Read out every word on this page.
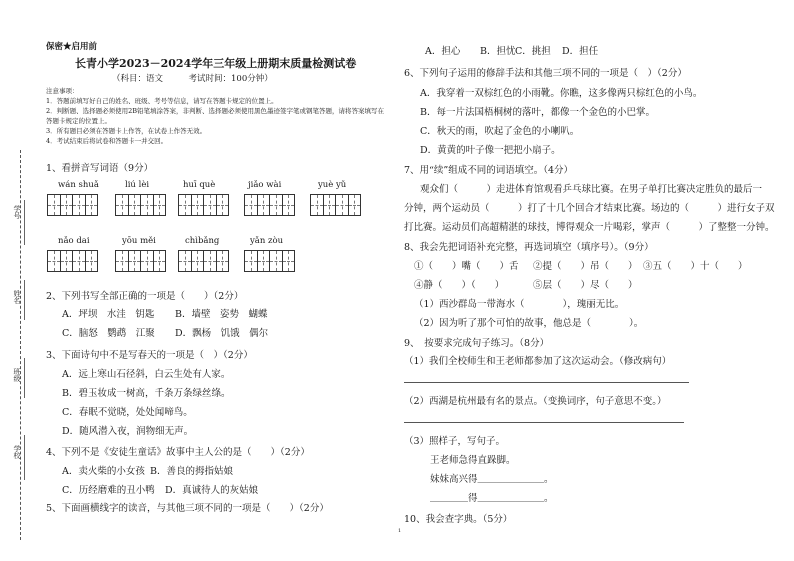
学号
姓名
班级
学校
保密★启用前
长青小学2023－2024学年三年级上册期末质量检测试卷
（科目：语文　　　考试时间：100分钟）
注意事项：
1．答题前填写好自己的姓名、班级、考号等信息，请写在答题卡规定的位置上。
2．判断题、选择题必须使用2B铅笔填涂答案，非判断、选择题必须使用黑色墨迹签字笔或钢笔答题，请将答案填写在答题卡规定的位置上。
3．所有题目必须在答题卡上作答，在试卷上作答无效。
4．考试结束后将试卷和答题卡一并交回。
1、看拼音写词语（9分）
wán shuǎ	liú lèi	huī què	jiǎo wài	yuè yǔ
nǎo dai	yōu měi	chìbǎng	yǎn zòu
2、下列书写全部正确的一项是（　　）（2分）
A．坪坝　水洼　钥匙 B．墙壁　姿势　蝴蝶
C．脑怒　鹦鹉　江聚 D．飘杨　饥饿　偶尔
3、下面诗句中不是写春天的一项是（　）（2分）
A．远上寒山石径斜，白云生处有人家。
B．碧玉妆成一树高，千条万条绿丝绦。
C．春眠不觉晓，处处闻啼鸟。
D．随风潜入夜，润物细无声。
4、下列不是《安徒生童话》故事中主人公的是（　　）（2分）
A．卖火柴的小女孩 B．善良的拇指姑娘
C．历经磨难的丑小鸭 D．真诚待人的灰姑娘
5、下面画横线字的读音，与其他三项不同的一项是（　　）（2分）
A．担心 B．担忧 C．挑担 D．担任
6、下列句子运用的修辞手法和其他三项不同的一项是（　）（2分）
A．我穿着一双棕红色的小雨靴。你瞧，这多像两只棕红色的小鸟。
B．每一片法国梧桐树的落叶，都像一个金色的小巴掌。
C．秋天的雨，吹起了金色的小喇叭。
D．黄黄的叶子像一把把小扇子。
7、用“续”组成不同的词语填空。（4分）
观众们（　　　）走进体育馆观看乒乓球比赛。在男子单打比赛决定胜负的最后一
分钟，两个运动员（　　　）打了十几个回合才结束比赛。场边的（　　　）进行女子双
打比赛。运动员们高超精湛的球技，博得观众一片喝彩，掌声（　　　）了整整一分钟。
8、我会先把词语补充完整，再选词填空（填序号）。（9分）
①（　　）嘴（　　）舌 ②提（　　）吊（　　） ③五（　　）十（　　）
④静（　　）（　　）	⑤层（　　）尽（　　）
（1）西沙群岛一带海水（　　　　），瑰丽无比。
（2）因为听了那个可怕的故事，他总是（　　　　）。
9、　按要求完成句子练习。（8分）
（1）我们全校师生和王老师都参加了这次运动会。（修改病句）
（2）西湖是杭州最有名的景点。（变换词序，句子意思不变。）
（3）照样子，写句子。
王老师急得直跺脚。
妹妹高兴得＿＿＿＿＿＿＿。
＿＿＿＿得＿＿＿＿＿＿＿。
10、我会查字典。（5分）
1
